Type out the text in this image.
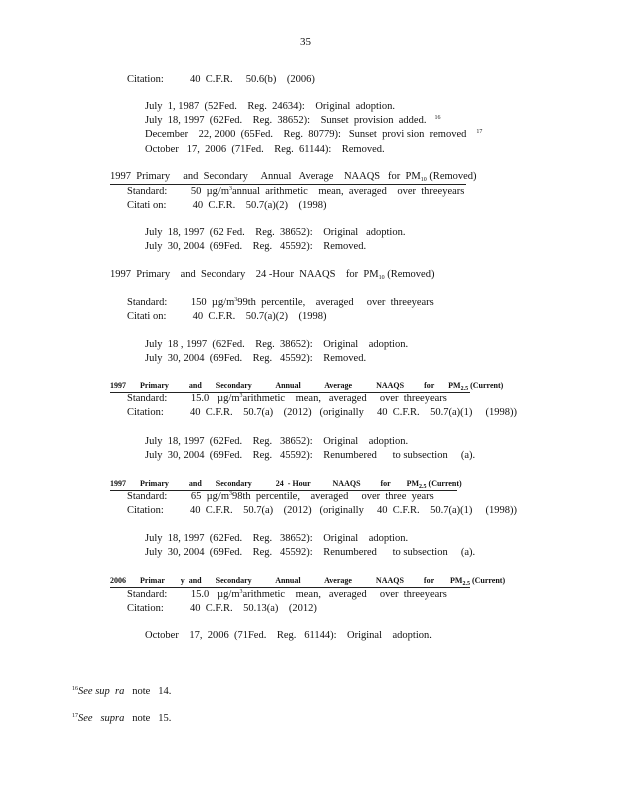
35
Citation:          40  C.F.R.     50.6(b)    (2006)
July  1, 1987  (52Fed.    Reg.  24634):    Original  adoption.
July  18, 1997  (62Fed.    Reg.  38652):    Sunset  provision  added. $^{16}$
December    22, 2000  (65Fed.    Reg.  80779):   Sunset  provi sion  removed $^{17}$
October   17,  2006  (71Fed.    Reg.  61144):    Removed.
1997  Primary     and  Secondary     Annual   Average    NAAQS   for  PM10 (Removed)
Standard:         50  $\mu g/m^3annual$  arithmetic    mean,  averaged    over  threeyears
Citati on:          40  C.F.R.    50.7(a)(2)    (1998)
July  18, 1997  (62 Fed.    Reg.  38652):    Original   adoption.
July  30, 2004  (69Fed.    Reg.   45592):    Removed.
1997  Primary    and  Secondary    24 -Hour  NAAQS    for  PM10 (Removed)
Standard:         150  $\mu g/m^399th$  percentile,    averaged     over  threeyears
Citati on:          40  C.F.R.    50.7(a)(2)    (1998)
July  18 , 1997  (62Fed.    Reg.  38652):    Original    adoption.
July  30, 2004  (69Fed.    Reg.   45592):    Removed.
1997       Primary          and       Secondary            Annual            Average            NAAQS          for       $PM_{2.5}$ (Current)
Standard:         15.0   $\mu g/m^3arithmetic$    mean,   averaged     over  threeyears
Citation:          40  C.F.R.    50.7(a)    (2012)   (originally     40  C.F.R.    50.7(a)(1)     (1998))
July  18, 1997  (62Fed.    Reg.   38652):    Original    adoption.
July  30, 2004  (69Fed.    Reg.   45592):    Renumbered      to subsection     (a).
1997       Primary          and       Secondary            24  - Hour           NAAQS          for        $PM_{2.5}$ (Current)
Standard:         65  $\mu g/m^398th$  percentile,    averaged     over  three  years
Citation:          40  C.F.R.    50.7(a)    (2012)   (originally     40  C.F.R.    50.7(a)(1)     (1998))
July  18, 1997  (62Fed.    Reg.   38652):    Original    adoption.
July  30, 2004  (69Fed.    Reg.   45592):    Renumbered      to subsection     (a).
2006       Primar        y  and       Secondary            Annual            Average            NAAQS          for        $PM_{2.5}$ (Current)
Standard:         15.0   $\mu g/m^3arithmetic$    mean,   averaged     over  threeyears
Citation:          40  C.F.R.    50.13(a)    (2012)
October    17,  2006  (71Fed.    Reg.   61144):    Original    adoption.
$^{16}$See sup  ra note   14.
$^{17}$See supra note   15.
